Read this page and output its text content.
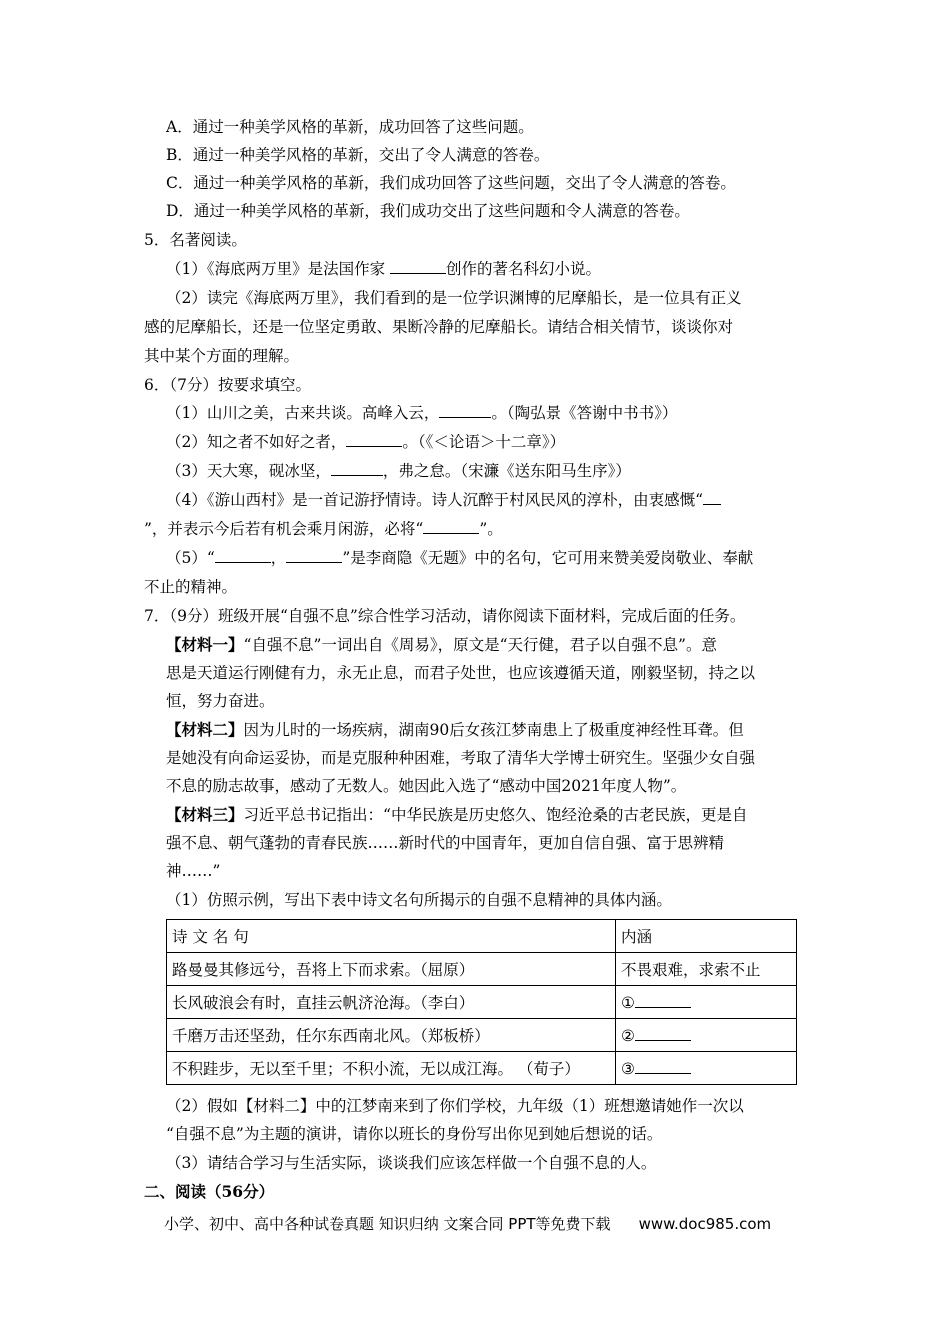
A．通过一种美学风格的革新，成功回答了这些问题。
B．通过一种美学风格的革新，交出了令人满意的答卷。
C．通过一种美学风格的革新，我们成功回答了这些问题，交出了令人满意的答卷。
D．通过一种美学风格的革新，我们成功交出了这些问题和令人满意的答卷。
5．名著阅读。
（1）《海底两万里》是法国作家	创作的著名科幻小说。
（2）读完《海底两万里》，我们看到的是一位学识渊博的尼摩船长，是一位具有正义
感的尼摩船长，还是一位坚定勇敢、果断冷静的尼摩船长。请结合相关情节，谈谈你对
其中某个方面的理解。
6．（7分）按要求填空。
（1）山川之美，古来共谈。高峰入云，	。（陶弘景《答谢中书书》）
（2）知之者不如好之者，	。（《＜论语＞十二章》）
（3）天大寒，砚冰坚，	，弗之怠。（宋濂《送东阳马生序》）
（4）《游山西村》是一首记游抒情诗。诗人沉醉于村风民风的淳朴，由衷感慨“
”，并表示今后若有机会乘月闲游，必将“	”。
（5）“	，	”是李商隐《无题》中的名句，它可用来赞美爱岗敬业、奉献
不止的精神。
7．（9分）班级开展“自强不息”综合性学习活动，请你阅读下面材料，完成后面的任务。
【材料一】“自强不息”一词出自《周易》，原文是“天行健，君子以自强不息”。意
思是天道运行刚健有力，永无止息，而君子处世，也应该遵循天道，刚毅坚韧，持之以
恒，努力奋进。
【材料二】因为儿时的一场疾病，湖南90后女孩江梦南患上了极重度神经性耳聋。但
是她没有向命运妥协，而是克服种种困难，考取了清华大学博士研究生。坚强少女自强
不息的励志故事，感动了无数人。她因此入选了“感动中国2021年度人物”。
【材料三】习近平总书记指出：“中华民族是历史悠久、饱经沧桑的古老民族，更是自
强不息、朝气蓬勃的青春民族……新时代的中国青年，更加自信自强、富于思辨精
神……”
（1）仿照示例，写出下表中诗文名句所揭示的自强不息精神的具体内涵。
诗 文 名 句	内涵
路曼曼其修远兮，吾将上下而求索。（屈原）	不畏艰难，求索不止
长风破浪会有时，直挂云帆济沧海。（李白）	①
千磨万击还坚劲，任尔东西南北风。（郑板桥）	②
不积跬步，无以至千里；不积小流，无以成江海。 （荀子）	③
（2）假如【材料二】中的江梦南来到了你们学校，九年级（1）班想邀请她作一次以
“自强不息”为主题的演讲，请你以班长的身份写出你见到她后想说的话。
（3）请结合学习与生活实际，谈谈我们应该怎样做一个自强不息的人。
二、阅读（56分）
小学、初中、高中各种试卷真题 知识归纳 文案合同 PPT等免费下载 www.doc985.com
